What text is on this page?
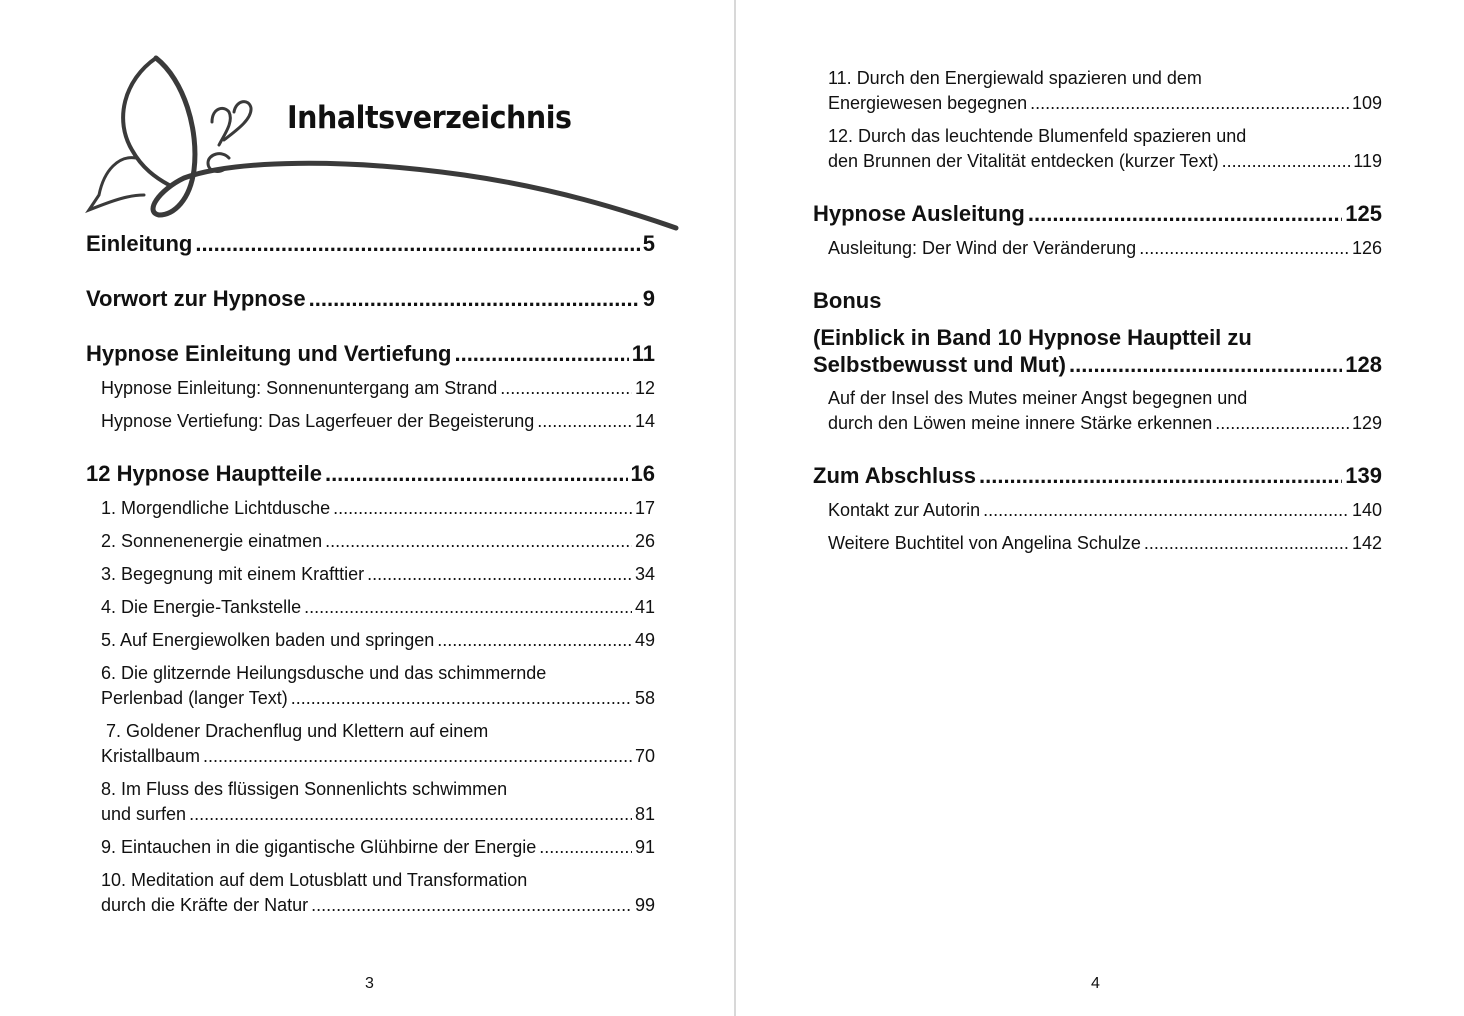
Inhaltsverzeichnis
Einleitung .....	5
Vorwort zur Hypnose .....	9
Hypnose Einleitung und Vertiefung .....	11
Hypnose Einleitung: Sonnenuntergang am Strand .....	12
Hypnose Vertiefung: Das Lagerfeuer der Begeisterung .....	14
12 Hypnose Hauptteile .....	16
1. Morgendliche Lichtdusche .....	17
2. Sonnenenergie einatmen .....	26
3. Begegnung mit einem Krafttier .....	34
4. Die Energie-Tankstelle .....	41
5. Auf Energiewolken baden und springen .....	49
6. Die glitzernde Heilungsdusche und das schimmernde
Perlenbad (langer Text) .....	58
7. Goldener Drachenflug und Klettern auf einem
Kristallbaum .....	70
8. Im Fluss des flüssigen Sonnenlichts schwimmen
und surfen .....	81
9. Eintauchen in die gigantische Glühbirne der Energie .....	91
10. Meditation auf dem Lotusblatt und Transformation
durch die Kräfte der Natur .....	99
3
11. Durch den Energiewald spazieren und dem
Energiewesen begegnen .....	109
12. Durch das leuchtende Blumenfeld spazieren und
den Brunnen der Vitalität entdecken (kurzer Text) .....	119
Hypnose Ausleitung .....	125
Ausleitung: Der Wind der Veränderung .....	126
Bonus
(Einblick in Band 10 Hypnose Hauptteil zu
Selbstbewusst und Mut) .....	128
Auf der Insel des Mutes meiner Angst begegnen und
durch den Löwen meine innere Stärke erkennen .....	129
Zum Abschluss .....	139
Kontakt zur Autorin .....	140
Weitere Buchtitel von Angelina Schulze .....	142
4
